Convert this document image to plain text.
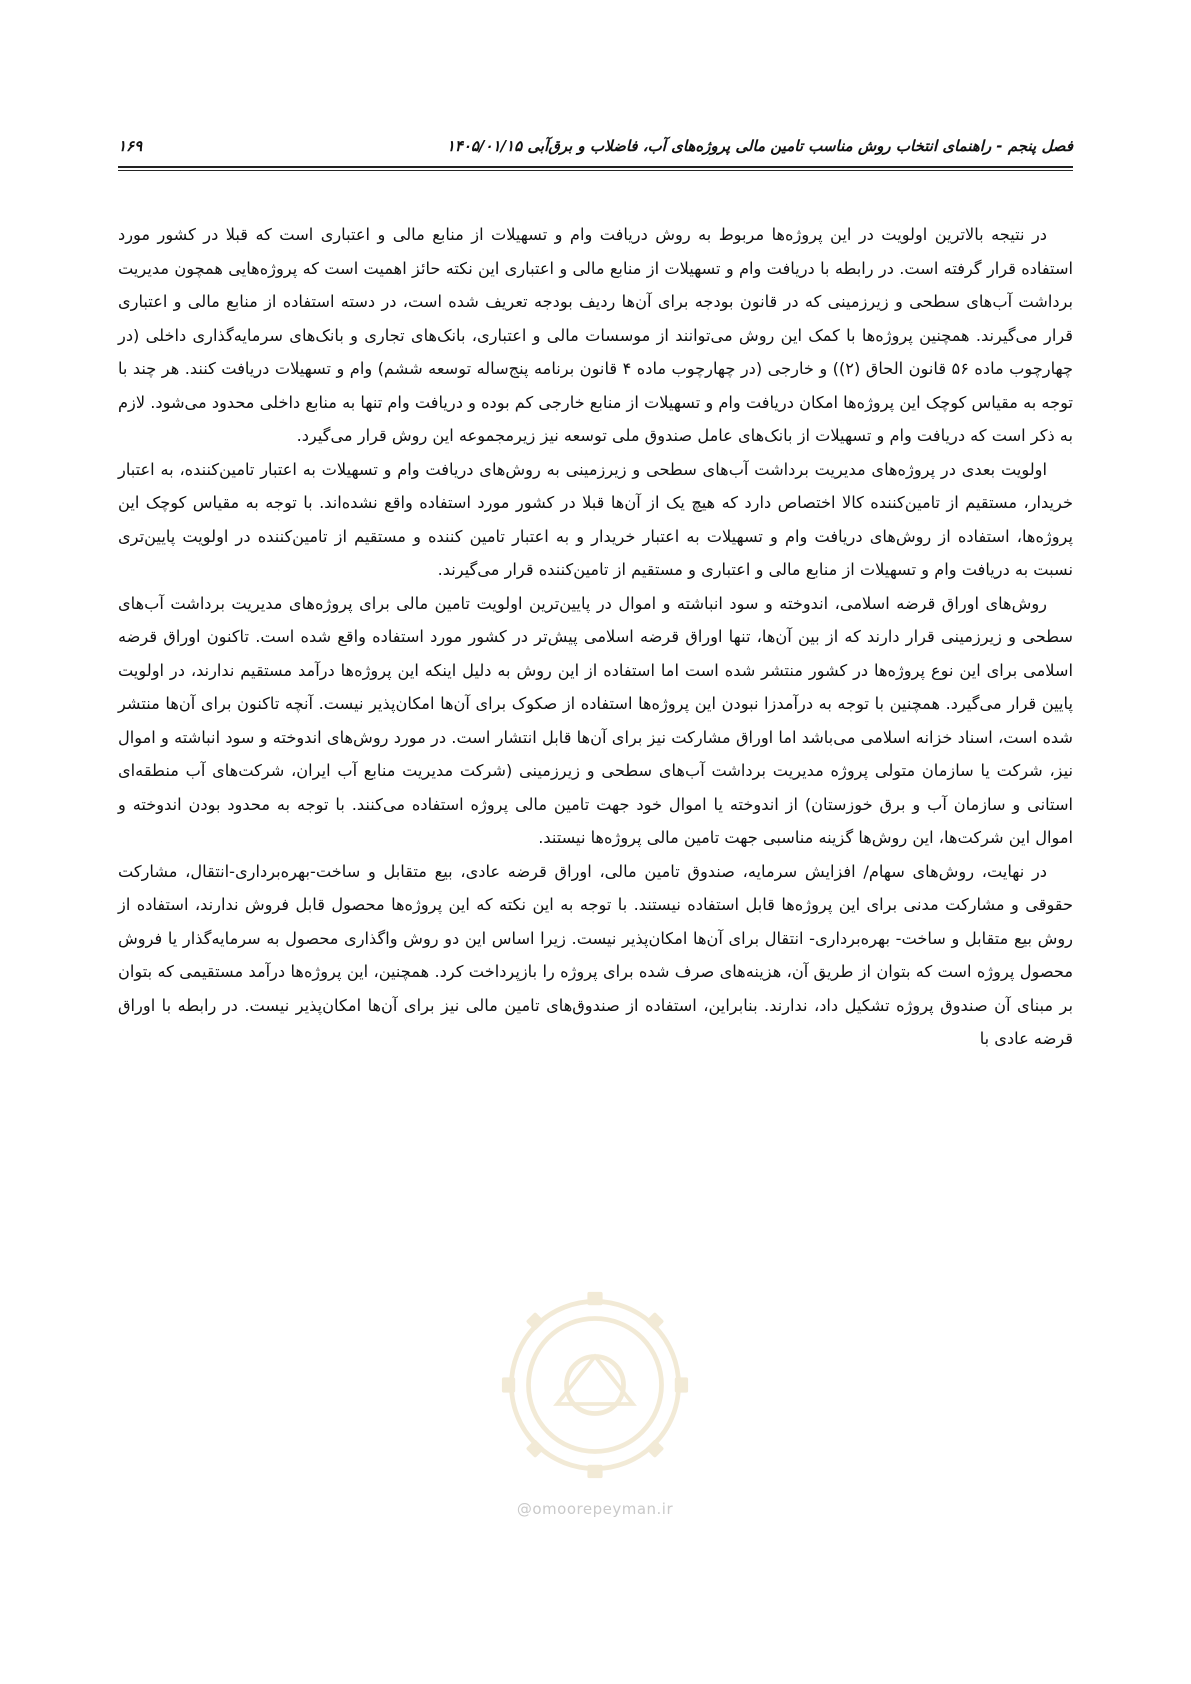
فصل پنجم - راهنمای انتخاب روش مناسب تامین مالی پروژه‌های آب، فاضلاب و برق‌آبی ۱۴۰۵/۰۱/۱۵
۱۶۹

در نتیجه بالاترین اولویت در این پروژه‌ها مربوط به روش دریافت وام و تسهیلات از منابع مالی و اعتباری است که قبلا در کشور مورد استفاده قرار گرفته است. در رابطه با دریافت وام و تسهیلات از منابع مالی و اعتباری این نکته حائز اهمیت است که پروژه‌هایی همچون مدیریت برداشت آب‌های سطحی و زیرزمینی که در قانون بودجه برای آن‌ها ردیف بودجه تعریف شده است، در دسته استفاده از منابع مالی و اعتباری قرار می‌گیرند. همچنین پروژه‌ها با کمک این روش می‌توانند از موسسات مالی و اعتباری، بانک‌های تجاری و بانک‌های سرمایه‌گذاری داخلی (در چهارچوب ماده ۵۶ قانون الحاق (۲)) و خارجی (در چهارچوب ماده ۴ قانون برنامه پنج‌ساله توسعه ششم) وام و تسهیلات دریافت کنند. هر چند با توجه به مقیاس کوچک این پروژه‌ها امکان دریافت وام و تسهیلات از منابع خارجی کم بوده و دریافت وام تنها به منابع داخلی محدود می‌شود. لازم به ذکر است که دریافت وام و تسهیلات از بانک‌های عامل صندوق ملی توسعه نیز زیرمجموعه این روش قرار می‌گیرد.

اولویت بعدی در پروژه‌های مدیریت برداشت آب‌های سطحی و زیرزمینی به روش‌های دریافت وام و تسهیلات به اعتبار تامین‌کننده، به اعتبار خریدار، مستقیم از تامین‌کننده کالا اختصاص دارد که هیچ یک از آن‌ها قبلا در کشور مورد استفاده واقع نشده‌اند. با توجه به مقیاس کوچک این پروژه‌ها، استفاده از روش‌های دریافت وام و تسهیلات به اعتبار خریدار و به اعتبار تامین کننده و مستقیم از تامین‌کننده در اولویت پایین‌تری نسبت به دریافت وام و تسهیلات از منابع مالی و اعتباری و مستقیم از تامین‌کننده قرار می‌گیرند.

روش‌های اوراق قرضه اسلامی، اندوخته و سود انباشته و اموال در پایین‌ترین اولویت تامین مالی برای پروژه‌های مدیریت برداشت آب‌های سطحی و زیرزمینی قرار دارند که از بین آن‌ها، تنها اوراق قرضه اسلامی پیش‌تر در کشور مورد استفاده واقع شده است. تاکنون اوراق قرضه اسلامی برای این نوع پروژه‌ها در کشور منتشر شده است اما استفاده از این روش به دلیل اینکه این پروژه‌ها درآمد مستقیم ندارند، در اولویت پایین قرار می‌گیرد. همچنین با توجه به درآمدزا نبودن این پروژه‌ها استفاده از صکوک برای آن‌ها امکان‌پذیر نیست. آنچه تاکنون برای آن‌ها منتشر شده است، اسناد خزانه اسلامی می‌باشد اما اوراق مشارکت نیز برای آن‌ها قابل انتشار است. در مورد روش‌های اندوخته و سود انباشته و اموال نیز، شرکت یا سازمان متولی پروژه مدیریت برداشت آب‌های سطحی و زیرزمینی (شرکت مدیریت منابع آب ایران، شرکت‌های آب منطقه‌ای استانی و سازمان آب و برق خوزستان) از اندوخته یا اموال خود جهت تامین مالی پروژه استفاده می‌کنند. با توجه به محدود بودن اندوخته و اموال این شرکت‌ها، این روش‌ها گزینه مناسبی جهت تامین مالی پروژه‌ها نیستند.

در نهایت، روش‌های سهام/ افزایش سرمایه، صندوق تامین مالی، اوراق قرضه عادی، بیع متقابل و ساخت-بهره‌برداری-انتقال، مشارکت حقوقی و مشارکت مدنی برای این پروژه‌ها قابل استفاده نیستند. با توجه به این نکته که این پروژه‌ها محصول قابل فروش ندارند، استفاده از روش بیع متقابل و ساخت- بهره‌برداری- انتقال برای آن‌ها امکان‌پذیر نیست. زیرا اساس این دو روش واگذاری محصول به سرمایه‌گذار یا فروش محصول پروژه است که بتوان از طریق آن، هزینه‌های صرف شده برای پروژه را بازپرداخت کرد. همچنین، این پروژه‌ها درآمد مستقیمی که بتوان بر مبنای آن صندوق پروژه تشکیل داد، ندارند. بنابراین، استفاده از صندوق‌های تامین مالی نیز برای آن‌ها امکان‌پذیر نیست. در رابطه با اوراق قرضه عادی با

@omoorepeyman.ir
